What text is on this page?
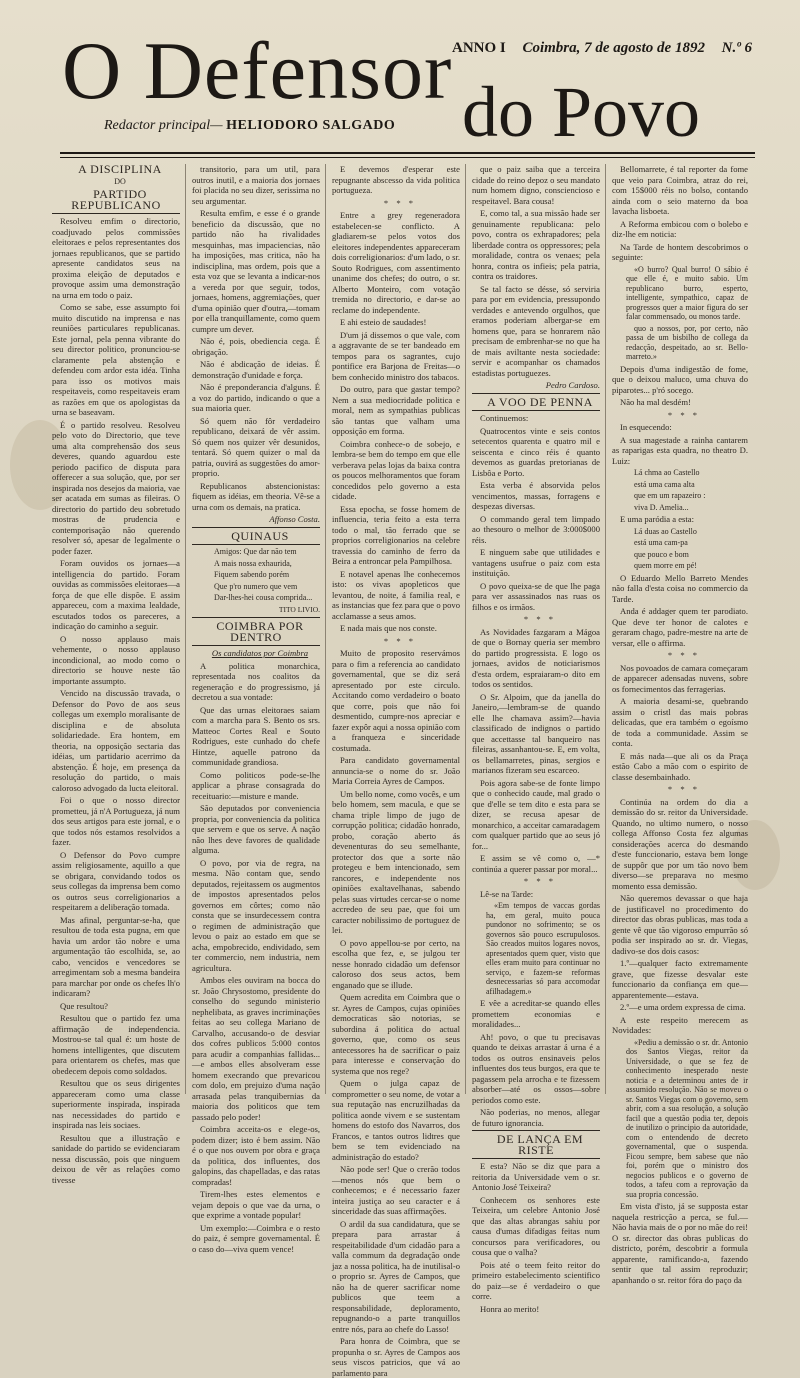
O Defensor ANNO I Coimbra, 7 de agosto de 1892 N.º 6
do Povo
Redactor principal— HELIODORO SALGADO

A DISCIPLINA

DO

PARTIDO REPUBLICANO

Resolveu emfim o directorio, coadjuvado pelos commissões eleitoraes e pelos representantes dos jornaes republicanos, que se partido apresente candidatos seus na proxima eleição de deputados e provoque assim uma demonstração na urna em todo o paiz.

Como se sabe, esse assumpto foi muito discutido na imprensa e nas reuniões particulares republicanas. Este jornal, pela penna vibrante do seu director politico, pronunciou-se claramente pela abstenção e defendeu com ardor esta idéa. Tinha para isso os motivos mais respeitaveis, como respeitaveis eram as razões em que os apologistas da urna se baseavam.

É o partido resolveu. Resolveu pelo voto do Directorio, que teve uma alta comprehensão dos seus deveres, quando aguardou este periodo pacifico de disputa para offerecer a sua solução, que, por ser inspirada nos desejos da maioria, vae ser acatada em sumas as fileiras. O directorio do partido deu sobretudo mostras de prudencia e contemporisação não querendo resolver só, apesar de legalmente o poder fazer.

Foram ouvidos os jornaes—a intelligencia do partido. Foram ouvidas as commissões eleitoraes—a força de que elle dispõe. E assim appareceu, com a maxima lealdade, escutados todos os pareceres, a indicação do caminho a seguir.

O nosso applauso mais vehemente, o nosso applauso incondicional, ao modo como o directorio se houve neste tão importante assumpto.

Vencido na discussão travada, o Defensor do Povo de aos seus collegas um exemplo moralisante de disciplina e de absoluta solidariedade. Era hontem, em theoria, na opposição sectaria das idéias, um partidario acerrimo da abstenção. É hoje, em presença da resolução do partido, o mais caloroso advogado da lucta eleitoral.

Foi o que o nosso director prometteu, já n'A Portugueza, já num dos seus artigos para este jornal, e o que todos nós estamos resolvidos a fazer.

O Defensor do Povo cumpre assim religiosamente, aquillo a que se obrigara, convidando todos os seus collegas da imprensa bem como os outros seus correligionarios a respeitarem a deliberação tomada.

Mas afinal, perguntar-se-ha, que resultou de toda esta pugna, em que havia um ardor tão nobre e uma argumentação tão escolhida, se, ao cabo, vencidos e vencedores se arregimentam sob a mesma bandeira para marchar por onde os chefes lh'o indicaram?

Que resultou?

Resultou que o partido fez uma affirmação de independencia. Mostrou-se tal qual é: um hoste de homens intelligentes, que discutem para orientarem os chefes, mas que obedecem depois como soldados.

Resultou que os seus dirigentes appareceram como uma classe superiormente inspirada, inspirada nas necessidades do partido e inspirada nas leis sociaes.

Resultou que a illustração e sanidade do partido se evidenciaram nessa discussão, pois que ninguem deixou de vêr as relações como tivesse

transitorio, para um util, para outros inutil, e a maioria dos jornaes foi placida no seu dizer, serissima no seu argumentar.

Resulta emfim, e esse é o grande beneficio da discussão, que no partido não ha rivalidades mesquinhas, mas impaciencias, não ha imposições, mas critica, não ha indisciplina, mas ordem, pois que a esta voz que se levanta a indicar-nos a vereda por que seguir, todos, jornaes, homens, aggremiações, quer d'uma opinião quer d'outra,—tomam por ella tranquillamente, como quem cumpre um dever.

Não é, pois, obediencia cega. É obrigação.

Não é abdicação de ideias. É demonstração d'unidade e força.

Não é preponderancia d'alguns. É a voz do partido, indicando o que a sua maioria quer.

Só quem não fôr verdadeiro republicano, deixará de vêr assim. Só quem nos quizer vêr desunidos, tentará. Só quem quizer o mal da patria, ouvirá as suggestões do amor-proprio.

Republicanos abstencionistas: fiquem as idéias, em theoria. Vê-se a urna com os demais, na pratica.

Affonso Costa.

QUINAUS

Amigos: Que dar não tem

A mais nossa exhaurida,

Fiquem sabendo porém

Que p'ro numero que vem

Dar-lhes-hei cousa comprida...

TITO LIVIO.

COIMBRA POR DENTRO

Os candidatos por Coimbra

A politica monarchica, representada nos coalitos da regeneração e do progressismo, já decretou a sua vontade:

Que das urnas eleitoraes saiam com a marcha para S. Bento os srs. Matteoc Cortes Real e Souto Rodrigues, este cunhado do chefe Hintze, aquelle patrono da communidade grandiosa.

Como politicos pode-se-lhe applicar a phrase consagrada do receituario:—misture e mande.

São deputados por conveniencia propria, por conveniencia da politica que servem e que os serve. A nação não lhes deve favores de qualidade alguma.

O povo, por via de regra, na mesma. Não contam que, sendo deputados, rejeitassem os augmentos de impostos apresentados pelos governos em côrtes; como não consta que se insurdecessem contra o regimen de administração que levou o paiz ao estado em que se acha, empobrecido, endividado, sem ter commercio, nem industria, nem agricultura.

Ambos eles ouviram na bocca do sr. João Chrysostomo, presidente do conselho do segundo ministerio nephelibata, as graves incriminações feitas ao seu collega Mariano de Carvalho, accusando-o de desviar dos cofres publicos 5:000 contos para acudir a companhias fallidas...—e ambos elles absolveram esse homem execrando que prevaricou com dolo, em prejuizo d'uma nação arrasada pelas tranquibernias da maioria dos politicos que tem passado pelo poder!

Coimbra acceita-os e elege-os, podem dizer; isto é bem assim. Não é o que nos ouvem por obra e graça da politica, dos influentes, dos galopins, das chapelladas, e das ratas compradas!

Tirem-lhes estes elementos e vejam depois o que vae da urna, o que exprime a vontade popular!

Um exemplo:—Coimbra e o resto do paiz, é sempre governamental. É o caso do—viva quem vence!

E devemos d'esperar este repugnante abscesso da vida politica portugueza.

* * *

Entre a grey regeneradora estabelecen-se conflicto. A gladiarem-se pelos votos dos eleitores independentes appareceram dois correligionarios: d'um lado, o sr. Souto Rodrigues, com assentimento unanime dos chefes; do outro, o sr. Alberto Monteiro, com votação tremida no directorio, e dar-se ao reclame do independente.

E ahi esteio de saudades!

D'um já dissemos o que vale, com a aggravante de se ter bandeado em tempos para os sagrantes, cujo pontifice era Barjona de Freitas—o bem conhecido ministro dos tabacos.

Do outro, para que gastar tempo? Nem a sua mediocridade politica e moral, nem as sympathias publicas são tantas que valham uma opposição em forma.

Coimbra conhece-o de sobejo, e lembra-se bem do tempo em que elle verberava pelas lojas da baixa contra os poucos melhoramentos que foram concedidos pelo governo a esta cidade.

Essa epocha, se fosse homem de influencia, teria feito a esta terra todo o mal, tão ferrado que se proprios correligionarios na celebre travessia do caminho de ferro da Beira a entroncar pela Pampilhosa.

E notavel apenas lhe conhecemos isto: os vivas apopleticos que levantou, de noite, á familia real, e as instancias que fez para que o povo acclamasse a seus amos.

E nada mais que nos conste.

* * *

Muito de proposito reservámos para o fim a referencia ao candidato governamental, que se diz será apresentado por este circulo. Accitando como verdadeiro o boato que corre, pois que não foi desmentido, cumpre-nos apreciar e fazer expôr aqui a nossa opinião com a franqueza e sinceridade costumada.

Para candidato governamental annuncia-se o nome do sr. João Maria Correia Ayres de Campos.

Um bello nome, como vocês, e um belo homem, sem macula, e que se chama triple limpo de jugo de corrupção politica; cidadão honrado, probo, coração aberto ás devenenturas do seu semelhante, protector dos que a sorte não protegeu e bem intencionado, sem rancores, e independente nos opiniões exaltavelhanas, sabendo pelas suas virtudes cercar-se o nome accredeo de seu pae, que foi um caracter nobilissimo de portuguez de lei.

O povo appellou-se por certo, na escolha que fez, e, se julgou ter nesse honrado cidadão um defensor caloroso dos seus actos, bem enganado que se illude.

Quem acredita em Coimbra que o sr. Ayres de Campos, cujas opiniões democraticas são notorias, se subordina á politica do actual governo, que, como os seus antecessores ha de sacrificar o paiz para interesse e conservação do systema que nos rege?

Quem o julga capaz de comprometter o seu nome, de votar a sua reputação nas encruzilhadas da politica aonde vivem e se sustentam homens do estofo dos Navarros, dos Francos, e tantos outros lidtres que bem se tem evidenciado na administração do estado?

Não pode ser! Que o crerão todos—menos nós que bem o conhecemos; e é necessario fazer inteira justiça ao seu caracter e á sinceridade das suas affirmações.

O ardil da sua candidatura, que se prepara para arrastar á respeitabilidade d'um cidadão para a valla commum da degradação onde jaz a nossa politica, ha de inutilisal-o o proprio sr. Ayres de Campos, que não ha de querer sacrificar nome publicos que teem a responsabilidade, deploramento, repugnando-o a parte tranquillos entre nós, para ao chefe do Lasso!

Para honra de Coimbra, que se propunha o sr. Ayres de Campos aos seus viscos patricios, que vá ao parlamento para

que o paiz saiba que a terceira cidade do reino depoz o seu mandato num homem digno, consciencioso e respeitavel. Bara cousa!

E, como tal, a sua missão hade ser genuinamente republicana: pelo povo, contra os exhrapadores; pela liberdade contra os oppressores; pela moralidade, contra os venaes; pela honra, contra os infieis; pela patria, contra os traidores.

Se tal facto se désse, só serviria para por em evidencia, pressupondo verdades e antevendo orgulhos, que eramos poderiam albergar-se em homens que, para se honrarem não precisam de embrenhar-se no que ha de mais aviltante nesta sociedade: servir e acompanhar os chamados estadistas portuguezes.

Pedro Cardoso.

A VOO DE PENNA

Continuemos:

Quatrocentos vinte e seis contos setecentos quarenta e quatro mil e seiscenta e cinco réis é quanto devemos as guardas pretorianas de Lisbôa e Porto.

Esta verba é absorvida pelos vencimentos, massas, forragens e despezas diversas.

O commando geral tem limpado ao thesouro o melhor de 3:000$000 réis.

E ninguem sabe que utilidades e vantagens usufrue o paiz com esta instituição.

O povo queixa-se de que lhe paga para ver assassinados nas ruas os filhos e os irmãos.

* * *

As Novidades fazgaram a Mágoa de que o Bornay queria ser membro do partido progressista. E logo os jornaes, avidos de noticiarismos d'esta ordem, espraiaram-o dito em todos os sentidos.

O Sr. Alpoim, que da janella do Janeiro,—lembram-se de quando elle lhe chamava assim?—havia classificado de indignos o partido que accettasse tal banqueiro nas fileiras, assanhantou-se. E, em volta, os bellamarretes, pinas, sergios e marianos fizeram seu escarceo.

Pois agora sabe-se de fonte limpo que o conhecido caude, mal grado o que d'elle se tem dito e esta para se dizer, se recusa apesar de monarchico, a acceitar camaradagem com qualquer partido que ao seus jó for...

E assim se vê como o, —* continúa a querer passar por moral...

* * *

Lê-se na Tarde:

«Em tempos de vaccas gordas ha, em geral, muito pouca pundonor no sofrimento; se os governos são pouco escrupulosos. São creados muitos logares novos, apresentados quem quer, visto que elles eram muito para continuar no serviço, e fazem-se reformas desnecessarias só para accomodar afilhadagem.»

E vêe a acreditar-se quando elles promettem economias e moralidades...

Ah! povo, o que tu precisavas quando te deixas arrastar á urna é a todos os outros ensinaveis pelos influentes dos teus burgos, era que te pagassem pela arrocha e te fizessem absorber—até os ossos—sobre periodos como este.

Não poderias, no menos, allegar de futuro ignorancia.

DE LANÇA EM RISTE

E esta? Não se diz que para a reitoria da Universidade vem o sr. Antonio José Teixeira?

Conhecem os senhores este Teixeira, um celebre Antonio José que das altas abrangas sahiu por causa d'umas difadigas feitas num concursos para verificadores, ou cousa que o valha?

Pois até o teem feito reitor do primeiro estabelecimento scientifico do paiz—se é verdadeiro o que corre.

Honra ao merito!

Bellomarrete, é tal reporter da fome que veio para Coimbra, atraz do rei, com 15$000 réis no bolso, contando ainda com o seio materno da boa lavacha lisboeta.

A Reforma embicou com o bolebo e diz-lhe em noticia:

Na Tarde de hontem descobrimos o seguinte:

«O burro? Qual burro! O sábio é que elle é, e muito sabio. Um republicano burro, esperto, intelligente, sympathico, capaz de progressos quer a maior figura do ser falar commensado, ou monos tarde.

quo a nossos, por, por certo, não passa de um bisbilho de collega da redacção, despeitado, ao sr. Bello-marreto.»

Depois d'uma indigestão de fome, que o deixou maluco, uma chuva do piparotes... p'ró socego.

Não ha mal desdém!

* * *

In esquecendo:

A sua magestade a rainha cantarem as raparigas esta quadra, no theatro D. Luiz:

Lá chma ao Castello

está uma cama alta

que em um rapazeiro :

viva D. Amelia...

E uma paródia a esta:

Lá duas ao Castello

está uma cam-pa

que pouco e bom

quem morre em pé!

O Eduardo Mello Barreto Mendes não falla d'esta coisa no commercio da Tarde.

Anda é addager quem ter parodiato. Que deve ter honor de calotes e geraram chago, padre-mestre na arte de versar, elle o affirma.

* * *

Nos povoados de camara começaram de apparecer adensadas nuvens, sobre os fornecimentos das ferragerias.

A maioria desami-se, quebrando assim o cristl das mais pobras delicadas, que era também o egoísmo de toda a communidade. Assim se conta.

E más nada—que ali os da Praça estão Cabo a mão com o espirito de classe desembainhado.

* * *

Continúa na ordem do dia a demissão do sr. reitor da Universidade. Quando, no ultimo numero, o nosso collega Affonso Costa fez algumas considerações acerca do desmando d'este funccionario, estava bem longe de suppôr que por um tão novo bem diverso—se preparava no mesmo momento essa demissão.

Não queremos devassar o que haja de justificavel no procedimento do director das obras publicas, mas toda a gente vê que tão vigoroso empurrão só podia ser inspirado ao sr. dr. Viegas, dadivo-se dos dois casos:

1.º—qualquer facto extremamente grave, que fizesse desvalar este funccionario da confiança em que—apparentemente—estava.

2.º—e uma ordem expressa de cima.

A este respeito merecem as Novidades:

«Pediu a demissão o sr. dr. Antonio dos Santos Viegas, reitor da Universidade, o que se fez de conhecimento inesperado neste noticia e a determinou antes de ir assumido resolução. Não se moveu o sr. Santos Viegas com o governo, sem abrir, com a sua resolução, a solução facil que a questão podia ter, depois de inutilizo o principio da autoridade, com o entendendo de decreto governamental, que o suspenda. Ficou sempre, bem sabese que não foi, porém que o ministro dos negocios publicos e o governo de todos, a tafeu com a reprovação da sua propria concessão.

Em vista d'isto, já se supposta estar naquela restricção a perca, se ful.—Não havia mais de o por no mãe do rei! O sr. director das obras publicas do districto, porém, descobrir a formula apparente, ramificando-a, fazendo sentir que tal assim reproduzir; apanhando o sr. reitor fóra do paço da
